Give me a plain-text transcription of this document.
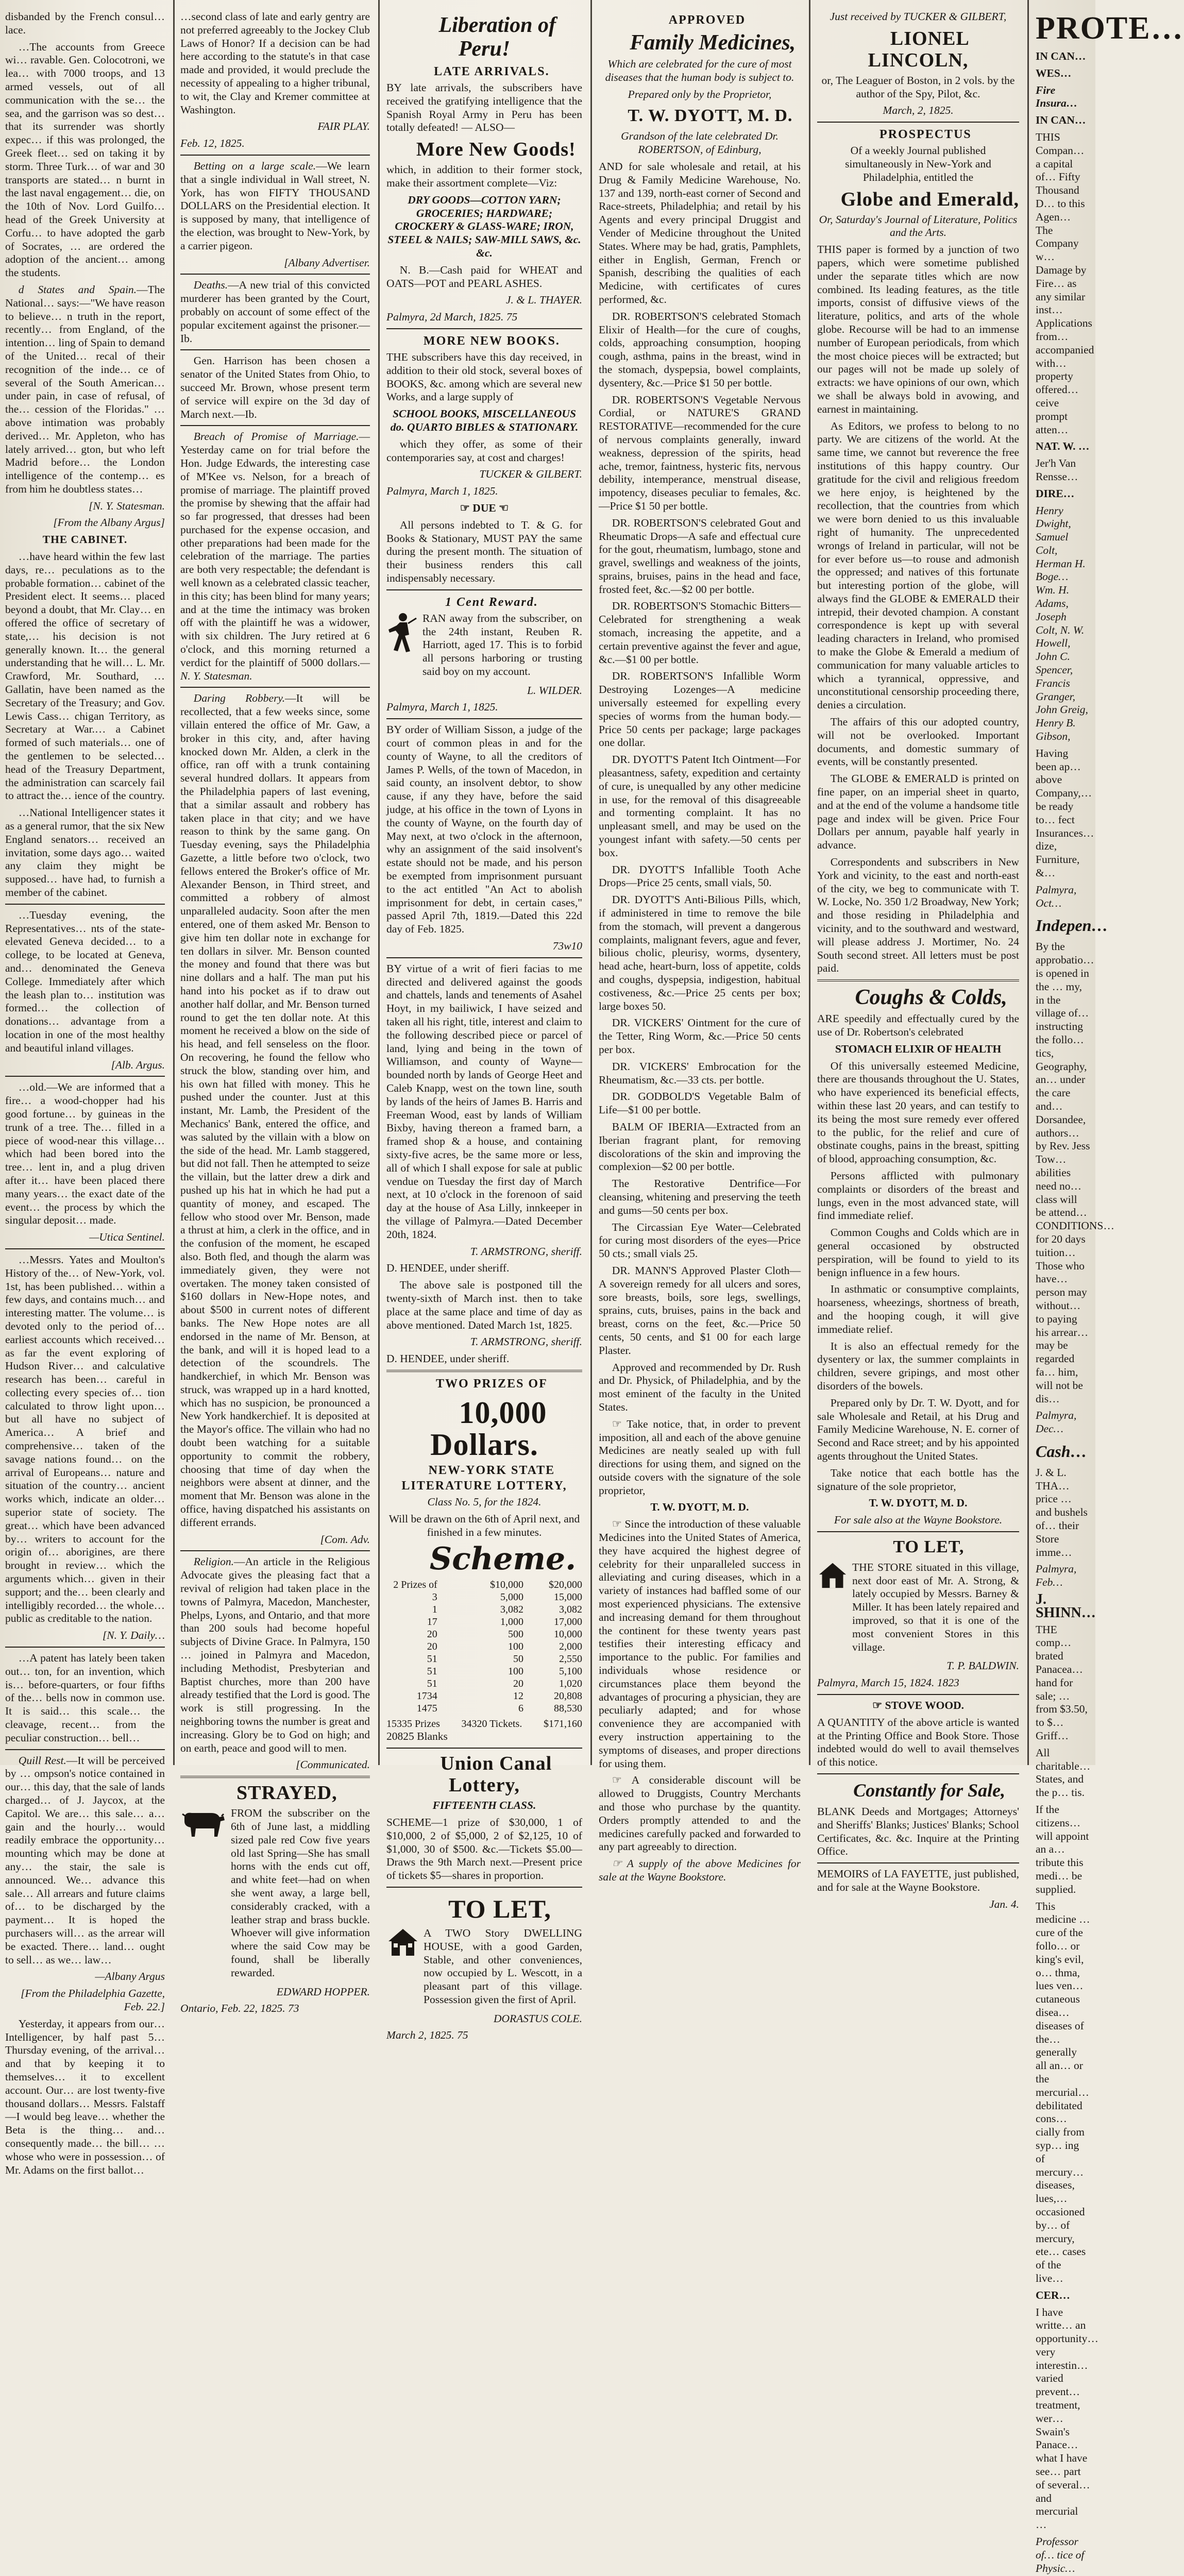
disbanded by the French consul… lace.

…The accounts from Greece wi… ravable. Gen. Colocotroni, we lea… with 7000 troops, and 13 armed vessels, out of all communication with the se… the sea, and the garrison was so dest… that its surrender was shortly expec… if this was prolonged, the Greek fleet… sed on taking it by storm. Three Turk… of war and 30 transports are stated… n burnt in the last naval engagement… die, on the 10th of Nov. Lord Guilfo… head of the Greek University at Corfu… to have adopted the garb of Socrates, … are ordered the adoption of the ancient… among the students.

d States and Spain.—The National… says:—"We have reason to believe… n truth in the report, recently… from England, of the intention… ling of Spain to demand of the United… recal of their recognition of the inde… ce of several of the South American… under pain, in case of refusal, of the… cession of the Floridas." … above intimation was probably derived… Mr. Appleton, who has lately arrived… gton, but who left Madrid before… the London intelligence of the contemp… es from him he doubtless states…

[N. Y. Statesman.

[From the Albany Argus]

THE CABINET.

…have heard within the few last days, re… peculations as to the probable formation… cabinet of the President elect. It seems… placed beyond a doubt, that Mr. Clay… en offered the office of secretary of state,… his decision is not generally known. It… the general understanding that he will… L. Mr. Crawford, Mr. Southard, … Gallatin, have been named as the Secretary of the Treasury; and Gov. Lewis Cass… chigan Territory, as Secretary at War.… a Cabinet formed of such materials… one of the gentlemen to be selected… head of the Treasury Department, the administration can scarcely fail to attract the… ience of the country.

…National Intelligencer states it as a general rumor, that the six New England senators… received an invitation, some days ago… waited any claim they might be supposed… have had, to furnish a member of the cabinet.

…Tuesday evening, the Representatives… nts of the state-elevated Geneva decided… to a college, to be located at Geneva, and… denominated the Geneva College. Immediately after which the leash plan to… institution was formed… the collection of donations… advantage from a location in one of the most healthy and beautiful inland villages.

[Alb. Argus.

…old.—We are informed that a fire… a wood-chopper had his good fortune… by guineas in the trunk of a tree. The… filled in a piece of wood-near this village… which had been bored into the tree… lent in, and a plug driven after it… have been placed there many years… the exact date of the event… the process by which the singular deposit… made.

—Utica Sentinel.

…Messrs. Yates and Moulton's History of the… of New-York, vol. 1st, has been published… within a few days, and contains much… and interesting matter. The volume… is devoted only to the period of… earliest accounts which received… as far the event exploring of Hudson River… and calculative research has been… careful in collecting every species of… tion calculated to throw light upon… but all have no subject of America… A brief and comprehensive… taken of the savage nations found… on the arrival of Europeans… nature and situation of the country… ancient works which, indicate an older… superior state of society. The great… which have been advanced by… writers to account for the origin of… aborigines, are there brought in review… which the arguments which… given in their support; and the… been clearly and intelligibly recorded… the whole… public as creditable to the nation.

[N. Y. Daily…

…A patent has lately been taken out… ton, for an invention, which is… before-quarters, or four fifths of the… bells now in common use. It is said… this scale… the cleavage, recent… from the peculiar construction… bell…

Quill Rest.—It will be perceived by … ompson's notice contained in our… this day, that the sale of lands charged… of J. Jaycox, at the Capitol. We are… this sale… a… gain and the hourly… would readily embrace the opportunity… mounting which may be done at any… the stair, the sale is announced. We… advance this sale… All arrears and future claims of… to be discharged by the payment… It is hoped the purchasers will… as the arrear will be exacted. There… land… ought to sell… as we… law…

—Albany Argus

[From the Philadelphia Gazette, Feb. 22.]

Yesterday, it appears from our… Intelligencer, by half past 5… Thursday evening, of the arrival… and that by keeping it to themselves… it to excellent account. Our… are lost twenty-five thousand dollars… Messrs. Falstaff—I would beg leave… whether the Beta is the thing… and… consequently made… the bill… …whose who were in possession… of Mr. Adams on the first ballot…

…second class of late and early gentry are not preferred agreeably to the Jockey Club Laws of Honor? If a decision can be had here according to the statute's in that case made and provided, it would preclude the necessity of appealing to a higher tribunal, to wit, the Clay and Kremer committee at Washington.

FAIR PLAY.

Feb. 12, 1825.

Betting on a large scale.—We learn that a single individual in Wall street, N. York, has won FIFTY THOUSAND DOLLARS on the Presidential election. It is supposed by many, that intelligence of the election, was brought to New-York, by a carrier pigeon.

[Albany Advertiser.

Deaths.—A new trial of this convicted murderer has been granted by the Court, probably on account of some effect of the popular excitement against the prisoner.—Ib.

Gen. Harrison has been chosen a senator of the United States from Ohio, to succeed Mr. Brown, whose present term of service will expire on the 3d day of March next.—Ib.

Breach of Promise of Marriage.—Yesterday came on for trial before the Hon. Judge Edwards, the interesting case of M'Kee vs. Nelson, for a breach of promise of marriage. The plaintiff proved the promise by shewing that the affair had so far progressed, that dresses had been purchased for the expense occasion, and other preparations had been made for the celebration of the marriage. The parties are both very respectable; the defendant is well known as a celebrated classic teacher, in this city; has been blind for many years; and at the time the intimacy was broken off with the plaintiff he was a widower, with six children. The Jury retired at 6 o'clock, and this morning returned a verdict for the plaintiff of 5000 dollars.—N. Y. Statesman.

Daring Robbery.—It will be recollected, that a few weeks since, some villain entered the office of Mr. Gaw, a broker in this city, and, after having knocked down Mr. Alden, a clerk in the office, ran off with a trunk containing several hundred dollars. It appears from the Philadelphia papers of last evening, that a similar assault and robbery has taken place in that city; and we have reason to think by the same gang. On Tuesday evening, says the Philadelphia Gazette, a little before two o'clock, two fellows entered the Broker's office of Mr. Alexander Benson, in Third street, and committed a robbery of almost unparalleled audacity. Soon after the men entered, one of them asked Mr. Benson to give him ten dollar note in exchange for ten dollars in silver. Mr. Benson counted the money and found that there was but nine dollars and a half. The man put his hand into his pocket as if to draw out another half dollar, and Mr. Benson turned round to get the ten dollar note. At this moment he received a blow on the side of his head, and fell senseless on the floor. On recovering, he found the fellow who struck the blow, standing over him, and his own hat filled with money. This he pushed under the counter. Just at this instant, Mr. Lamb, the President of the Mechanics' Bank, entered the office, and was saluted by the villain with a blow on the side of the head. Mr. Lamb staggered, but did not fall. Then he attempted to seize the villain, but the latter drew a dirk and pushed up his hat in which he had put a quantity of money, and escaped. The fellow who stood over Mr. Benson, made a thrust at him, a clerk in the office, and in the confusion of the moment, he escaped also. Both fled, and though the alarm was immediately given, they were not overtaken. The money taken consisted of $160 dollars in New-Hope notes, and about $500 in current notes of different banks. The New Hope notes are all endorsed in the name of Mr. Benson, at the bank, and will it is hoped lead to a detection of the scoundrels. The handkerchief, in which Mr. Benson was struck, was wrapped up in a hard knotted, which has no suspicion, be pronounced a New York handkerchief. It is deposited at the Mayor's office. The villain who had no doubt been watching for a suitable opportunity to commit the robbery, choosing that time of day when the neighbors were absent at dinner, and the moment that Mr. Benson was alone in the office, having dispatched his assistants on different errands.

[Com. Adv.

Religion.—An article in the Religious Advocate gives the pleasing fact that a revival of religion had taken place in the towns of Palmyra, Macedon, Manchester, Phelps, Lyons, and Ontario, and that more than 200 souls had become hopeful subjects of Divine Grace. In Palmyra, 150 … joined in Palmyra and Macedon, including Methodist, Presbyterian and Baptist churches, more than 200 have already testified that the Lord is good. The work is still progressing. In the neighboring towns the number is great and increasing. Glory be to God on high; and on earth, peace and good will to men.

[Communicated.

STRAYED,

FROM the subscriber on the 6th of June last, a middling sized pale red Cow five years old last Spring—She has small horns with the ends cut off, and white feet—had on when she went away, a large bell, considerably cracked, with a leather strap and brass buckle. Whoever will give information where the said Cow may be found, shall be liberally rewarded.

EDWARD HOPPER.

Ontario, Feb. 22, 1825. 73

Liberation of Peru!

LATE ARRIVALS.

BY late arrivals, the subscribers have received the gratifying intelligence that the Spanish Royal Army in Peru has been totally defeated! — ALSO—

More New Goods!

which, in addition to their former stock, make their assortment complete—Viz:

DRY GOODS—COTTON YARN; GROCERIES; HARDWARE; CROCKERY & GLASS-WARE; IRON, STEEL & NAILS; SAW-MILL SAWS, &c. &c.

N. B.—Cash paid for WHEAT and OATS—POT and PEARL ASHES.

J. & L. THAYER.

Palmyra, 2d March, 1825. 75

MORE NEW BOOKS.

THE subscribers have this day received, in addition to their old stock, several boxes of BOOKS, &c. among which are several new Works, and a large supply of

SCHOOL BOOKS, MISCELLANEOUS do. QUARTO BIBLES & STATIONARY.

which they offer, as some of their contemporaries say, at cost and charges!

TUCKER & GILBERT.

Palmyra, March 1, 1825.

☞ DUE ☜

All persons indebted to T. & G. for Books & Stationary, MUST PAY the same during the present month. The situation of their business renders this call indispensably necessary.

1 Cent Reward.

RAN away from the subscriber, on the 24th instant, Reuben R. Harriott, aged 17. This is to forbid all persons harboring or trusting said boy on my account.

L. WILDER.

Palmyra, March 1, 1825.

BY order of William Sisson, a judge of the court of common pleas in and for the county of Wayne, to all the creditors of James P. Wells, of the town of Macedon, in said county, an insolvent debtor, to show cause, if any they have, before the said judge, at his office in the town of Lyons in the county of Wayne, on the fourth day of May next, at two o'clock in the afternoon, why an assignment of the said insolvent's estate should not be made, and his person be exempted from imprisonment pursuant to the act entitled "An Act to abolish imprisonment for debt, in certain cases," passed April 7th, 1819.—Dated this 22d day of Feb. 1825.

73w10

BY virtue of a writ of fieri facias to me directed and delivered against the goods and chattels, lands and tenements of Asahel Hoyt, in my bailiwick, I have seized and taken all his right, title, interest and claim to the following described piece or parcel of land, lying and being in the town of Williamson, and county of Wayne—bounded north by lands of George Heet and Caleb Knapp, west on the town line, south by lands of the heirs of James B. Harris and Freeman Wood, east by lands of William Bixby, having thereon a framed barn, a framed shop & a house, and containing sixty-five acres, be the same more or less, all of which I shall expose for sale at public vendue on Tuesday the first day of March next, at 10 o'clock in the forenoon of said day at the house of Asa Lilly, innkeeper in the village of Palmyra.—Dated December 20th, 1824.

T. ARMSTRONG, sheriff.

D. HENDEE, under sheriff.

The above sale is postponed till the twenty-sixth of March inst. then to take place at the same place and time of day as above mentioned. Dated March 1st, 1825.

T. ARMSTRONG, sheriff.

D. HENDEE, under sheriff.

TWO PRIZES OF

10,000 Dollars.

NEW-YORK STATE LITERATURE LOTTERY,

Class No. 5, for the 1824.

Will be drawn on the 6th of April next, and finished in a few minutes.

Scheme.

2 Prizes of	$10,000	$20,000
3	5,000	15,000
1	3,082	3,082
17	1,000	17,000
20	500	10,000
20	100	2,000
51	50	2,550
51	100	5,100
51	20	1,020
1734	12	20,808
1475	6	88,530
15335 Prizes 34320 Tickets. $171,160

20825 Blanks

Union Canal Lottery,

FIFTEENTH CLASS.

SCHEME—1 prize of $30,000, 1 of $10,000, 2 of $5,000, 2 of $2,125, 10 of $1,000, 30 of $500. &c.—Tickets $5.00—Draws the 9th March next.—Present price of tickets $5—shares in proportion.

TO LET,

A TWO Story DWELLING HOUSE, with a good Garden, Stable, and other conveniences, now occupied by L. Wescott, in a pleasant part of this village. Possession given the first of April.

DORASTUS COLE.

March 2, 1825. 75

APPROVED

Family Medicines,

Which are celebrated for the cure of most diseases that the human body is subject to.

Prepared only by the Proprietor,

T. W. DYOTT, M. D.

Grandson of the late celebrated Dr. ROBERTSON, of Edinburg,

AND for sale wholesale and retail, at his Drug & Family Medicine Warehouse, No. 137 and 139, north-east corner of Second and Race-streets, Philadelphia; and retail by his Agents and every principal Druggist and Vender of Medicine throughout the United States. Where may be had, gratis, Pamphlets, either in English, German, French or Spanish, describing the qualities of each Medicine, with certificates of cures performed, &c.

DR. ROBERTSON'S celebrated Stomach Elixir of Health—for the cure of coughs, colds, approaching consumption, hooping cough, asthma, pains in the breast, wind in the stomach, dyspepsia, bowel complaints, dysentery, &c.—Price $1 50 per bottle.

DR. ROBERTSON'S Vegetable Nervous Cordial, or NATURE'S GRAND RESTORATIVE—recommended for the cure of nervous complaints generally, inward weakness, depression of the spirits, head ache, tremor, faintness, hysteric fits, nervous debility, intemperance, menstrual disease, impotency, diseases peculiar to females, &c.—Price $1 50 per bottle.

DR. ROBERTSON'S celebrated Gout and Rheumatic Drops—A safe and effectual cure for the gout, rheumatism, lumbago, stone and gravel, swellings and weakness of the joints, sprains, bruises, pains in the head and face, frosted feet, &c.—$2 00 per bottle.

DR. ROBERTSON'S Stomachic Bitters—Celebrated for strengthening a weak stomach, increasing the appetite, and a certain preventive against the fever and ague, &c.—$1 00 per bottle.

DR. ROBERTSON'S Infallible Worm Destroying Lozenges—A medicine universally esteemed for expelling every species of worms from the human body.—Price 50 cents per package; large packages one dollar.

DR. DYOTT'S Patent Itch Ointment—For pleasantness, safety, expedition and certainty of cure, is unequalled by any other medicine in use, for the removal of this disagreeable and tormenting complaint. It has no unpleasant smell, and may be used on the youngest infant with safety.—50 cents per box.

DR. DYOTT'S Infallible Tooth Ache Drops—Price 25 cents, small vials, 50.

DR. DYOTT'S Anti-Bilious Pills, which, if administered in time to remove the bile from the stomach, will prevent a dangerous complaints, malignant fevers, ague and fever, bilious cholic, pleurisy, worms, dysentery, head ache, heart-burn, loss of appetite, colds and coughs, dyspepsia, indigestion, habitual costiveness, &c.—Price 25 cents per box; large boxes 50.

DR. VICKERS' Ointment for the cure of the Tetter, Ring Worm, &c.—Price 50 cents per box.

DR. VICKERS' Embrocation for the Rheumatism, &c.—33 cts. per bottle.

DR. GODBOLD'S Vegetable Balm of Life—$1 00 per bottle.

BALM OF IBERIA—Extracted from an Iberian fragrant plant, for removing discolorations of the skin and improving the complexion—$2 00 per bottle.

The Restorative Dentrifice—For cleansing, whitening and preserving the teeth and gums—50 cents per box.

The Circassian Eye Water—Celebrated for curing most disorders of the eyes—Price 50 cts.; small vials 25.

DR. MANN'S Approved Plaster Cloth—A sovereign remedy for all ulcers and sores, sore breasts, boils, sore legs, swellings, sprains, cuts, bruises, pains in the back and breast, corns on the feet, &c.—Price 50 cents, 50 cents, and $1 00 for each large Plaster.

Approved and recommended by Dr. Rush and Dr. Physick, of Philadelphia, and by the most eminent of the faculty in the United States.

☞ Take notice, that, in order to prevent imposition, all and each of the above genuine Medicines are neatly sealed up with full directions for using them, and signed on the outside covers with the signature of the sole proprietor,

T. W. DYOTT, M. D.

☞ Since the introduction of these valuable Medicines into the United States of America, they have acquired the highest degree of celebrity for their unparalleled success in alleviating and curing diseases, which in a variety of instances had baffled some of our most experienced physicians. The extensive and increasing demand for them throughout the continent for these twenty years past testifies their interesting efficacy and importance to the public. For families and individuals whose residence or circumstances place them beyond the advantages of procuring a physician, they are peculiarly adapted; and for whose convenience they are accompanied with every instruction appertaining to the symptoms of diseases, and proper directions for using them.

☞ A considerable discount will be allowed to Druggists, Country Merchants and those who purchase by the quantity. Orders promptly attended to and the medicines carefully packed and forwarded to any part agreeably to direction.

☞ A supply of the above Medicines for sale at the Wayne Bookstore.

Just received by TUCKER & GILBERT,

LIONEL LINCOLN,

or, The Leaguer of Boston, in 2 vols. by the author of the Spy, Pilot, &c.

March, 2, 1825.

PROSPECTUS

Of a weekly Journal published simultaneously in New-York and Philadelphia, entitled the

Globe and Emerald,

Or, Saturday's Journal of Literature, Politics and the Arts.

THIS paper is formed by a junction of two papers, which were sometime published under the separate titles which are now combined. Its leading features, as the title imports, consist of diffusive views of the literature, politics, and arts of the whole globe. Recourse will be had to an immense number of European periodicals, from which the most choice pieces will be extracted; but our pages will not be made up solely of extracts: we have opinions of our own, which we shall be always bold in avowing, and earnest in maintaining.

As Editors, we profess to belong to no party. We are citizens of the world. At the same time, we cannot but reverence the free institutions of this happy country. Our gratitude for the civil and religious freedom we here enjoy, is heightened by the recollection, that the countries from which we were born denied to us this invaluable right of humanity. The unprecedented wrongs of Ireland in particular, will not be for ever before us—to rouse and admonish the oppressed; and natives of this fortunate but interesting portion of the globe, will always find the GLOBE & EMERALD their intrepid, their devoted champion. A constant correspondence is kept up with several leading characters in Ireland, who promised to make the Globe & Emerald a medium of communication for many valuable articles to which a tyrannical, oppressive, and unconstitutional censorship proceeding there, denies a circulation.

The affairs of this our adopted country, will not be overlooked. Important documents, and domestic summary of events, will be constantly presented.

The GLOBE & EMERALD is printed on fine paper, on an imperial sheet in quarto, and at the end of the volume a handsome title page and index will be given. Price Four Dollars per annum, payable half yearly in advance.

Correspondents and subscribers in New York and vicinity, to the east and north-east of the city, we beg to communicate with T. W. Locke, No. 350 1/2 Broadway, New York; and those residing in Philadelphia and vicinity, and to the southward and westward, will please address J. Mortimer, No. 24 South second street. All letters must be post paid.

Coughs & Colds,

ARE speedily and effectually cured by the use of Dr. Robertson's celebrated

STOMACH ELIXIR OF HEALTH

Of this universally esteemed Medicine, there are thousands throughout the U. States, who have experienced its beneficial effects, within these last 20 years, and can testify to its being the most sure remedy ever offered to the public, for the relief and cure of obstinate coughs, pains in the breast, spitting of blood, approaching consumption, &c.

Persons afflicted with pulmonary complaints or disorders of the breast and lungs, even in the most advanced state, will find immediate relief.

Common Coughs and Colds which are in general occasioned by obstructed perspiration, will be found to yield to its benign influence in a few hours.

In asthmatic or consumptive complaints, hoarseness, wheezings, shortness of breath, and the hooping cough, it will give immediate relief.

It is also an effectual remedy for the dysentery or lax, the summer complaints in children, severe gripings, and most other disorders of the bowels.

Prepared only by Dr. T. W. Dyott, and for sale Wholesale and Retail, at his Drug and Family Medicine Warehouse, N. E. corner of Second and Race street; and by his appointed agents throughout the United States.

Take notice that each bottle has the signature of the sole proprietor,

T. W. DYOTT, M. D.

For sale also at the Wayne Bookstore.

TO LET,

THE STORE situated in this village, next door east of Mr. A. Strong, & lately occupied by Messrs. Barney & Miller. It has been lately repaired and improved, so that it is one of the most convenient Stores in this village.

T. P. BALDWIN.

Palmyra, March 15, 1824. 1823

☞ STOVE WOOD.

A QUANTITY of the above article is wanted at the Printing Office and Book Store. Those indebted would do well to avail themselves of this notice.

Constantly for Sale,

BLANK Deeds and Mortgages; Attorneys' and Sheriffs' Blanks; Justices' Blanks; School Certificates, &c. &c. Inquire at the Printing Office.

MEMOIRS of LA FAYETTE, just published, and for sale at the Wayne Bookstore.

Jan. 4.

PROTE…

IN CAN…

WES…

Fire Insura…

IN CAN…

THIS Compan… a capital of… Fifty Thousand D… to this Agen… The Company w… Damage by Fire… as any similar inst… Applications from… accompanied with… property offered… ceive prompt atten…

NAT. W. …

Jer'h Van Rensse…

DIRE…

Henry Dwight, Samuel Colt, Herman H. Boge… Wm. H. Adams, Joseph Colt, N. W. Howell, John C. Spencer, Francis Granger, John Greig, Henry B. Gibson,

Having been ap… above Company,… be ready to… fect Insurances… dize, Furniture, &…

Palmyra, Oct…

Indepen…

By the approbatio… is opened in the … my, in the village of… instructing the follo… tics, Geography, an… under the care and… Dorsandee, authors… by Rev. Jess Tow… abilities need no… class will be attend… CONDITIONS… for 20 days tuition… Those who have… person may without… to paying his arrear… may be regarded fa… him, will not be dis…

Palmyra, Dec…

Cash…

J. & L. THA… price … and bushels of… their Store imme…

Palmyra, Feb…

J. SHINN…

THE comp… brated Panacea… hand for sale; … from $3.50, to $… Griff…

All charitable… States, and the p… tis.

If the citizens… will appoint an a… tribute this medi… be supplied.

This medicine … cure of the follo… or king's evil, o… thma, lues ven… cutaneous disea… diseases of the… generally all an… or the mercurial… debilitated cons… cially from syp… ing of mercury… diseases, lues,… occasioned by… of mercury, ete… cases of the live…

CER…

I have writte… an opportunity… very interestin… varied prevent… treatment, wer… Swain's Panace… what I have see… part of several… and mercurial …

Professor of… tice of Physic…
